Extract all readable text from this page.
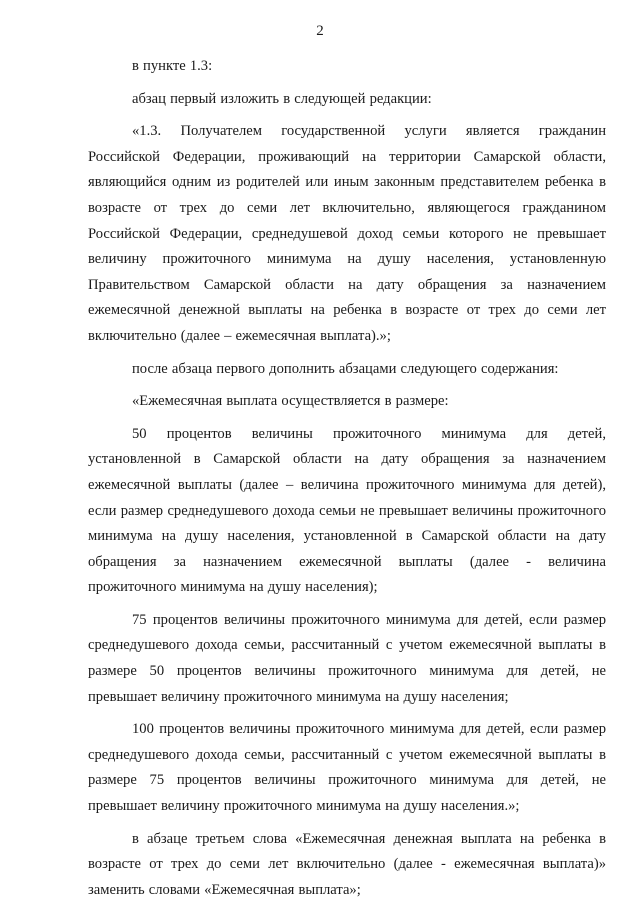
2

в пункте 1.3:

абзац первый изложить в следующей редакции:

«1.3. Получателем государственной услуги является гражданин Российской Федерации, проживающий на территории Самарской области, являющийся одним из родителей или иным законным представителем ребенка в возрасте от трех до семи лет включительно, являющегося гражданином Российской Федерации, среднедушевой доход семьи которого не превышает величину прожиточного минимума на душу населения, установленную Правительством Самарской области на дату обращения за назначением ежемесячной денежной выплаты на ребенка в возрасте от трех до семи лет включительно (далее – ежемесячная выплата).»;

после абзаца первого дополнить абзацами следующего содержания:

«Ежемесячная выплата осуществляется в размере:

50 процентов величины прожиточного минимума для детей, установленной в Самарской области на дату обращения за назначением ежемесячной выплаты (далее – величина прожиточного минимума для детей), если размер среднедушевого дохода семьи не превышает величины прожиточного минимума на душу населения, установленной в Самарской области на дату обращения за назначением ежемесячной выплаты (далее - величина прожиточного минимума на душу населения);

75 процентов величины прожиточного минимума для детей, если размер среднедушевого дохода семьи, рассчитанный с учетом ежемесячной выплаты в размере 50 процентов величины прожиточного минимума для детей, не превышает величину прожиточного минимума на душу населения;

100 процентов величины прожиточного минимума для детей, если размер среднедушевого дохода семьи, рассчитанный с учетом ежемесячной выплаты в размере 75 процентов величины прожиточного минимума для детей, не превышает величину прожиточного минимума на душу населения.»;

в абзаце третьем слова «Ежемесячная денежная выплата на ребенка в возрасте от трех до семи лет включительно (далее - ежемесячная выплата)» заменить словами «Ежемесячная выплата»;
